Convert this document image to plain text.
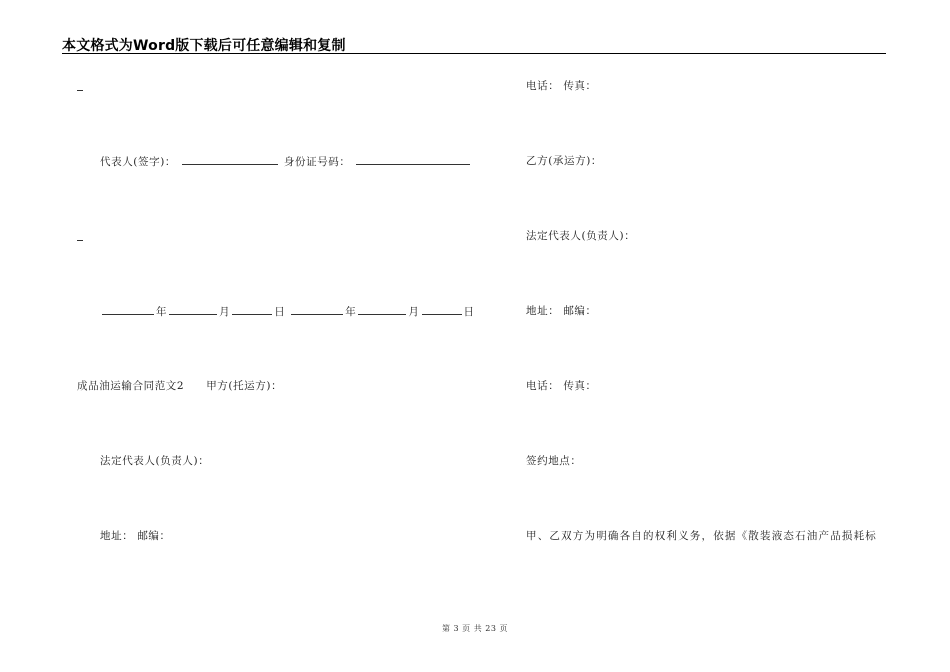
本文格式为Word版下载后可任意编辑和复制
代表人(签字)：	身份证号码：
年	月	日	年	月	日
成品油运输合同范文2 甲方(托运方)：
法定代表人(负责人)：
地址： 邮编：
电话： 传真：
乙方(承运方)：
法定代表人(负责人)：
地址： 邮编：
电话： 传真：
签约地点：
甲、乙双方为明确各自的权利义务，依据《散装液态石油产品损耗标
第 3 页 共 23 页
